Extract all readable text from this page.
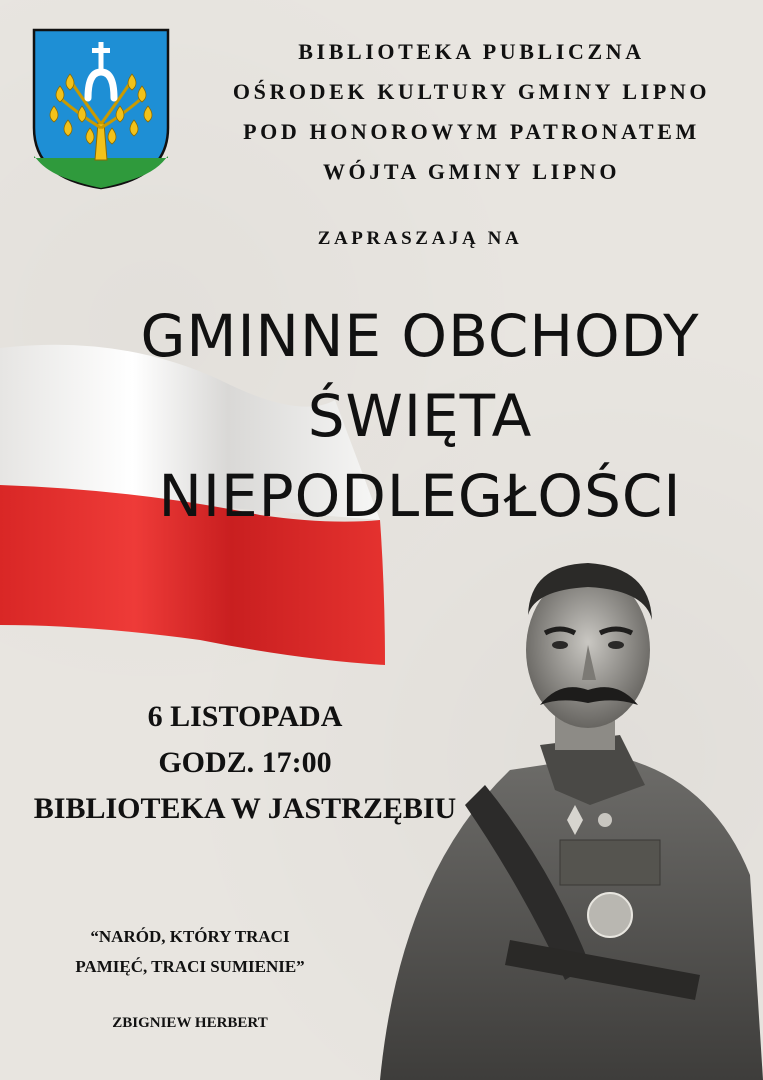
BIBLIOTEKA PUBLICZNA
OŚRODEK KULTURY GMINY LIPNO
POD HONOROWYM PATRONATEM
WÓJTA GMINY LIPNO
ZAPRASZAJĄ NA
GMINNE OBCHODY
ŚWIĘTA
NIEPODLEGŁOŚCI
6 LISTOPADA
GODZ. 17:00
BIBLIOTEKA W JASTRZĘBIU
“NARÓD, KTÓRY TRACI
PAMIĘĆ, TRACI SUMIENIE”
ZBIGNIEW HERBERT
